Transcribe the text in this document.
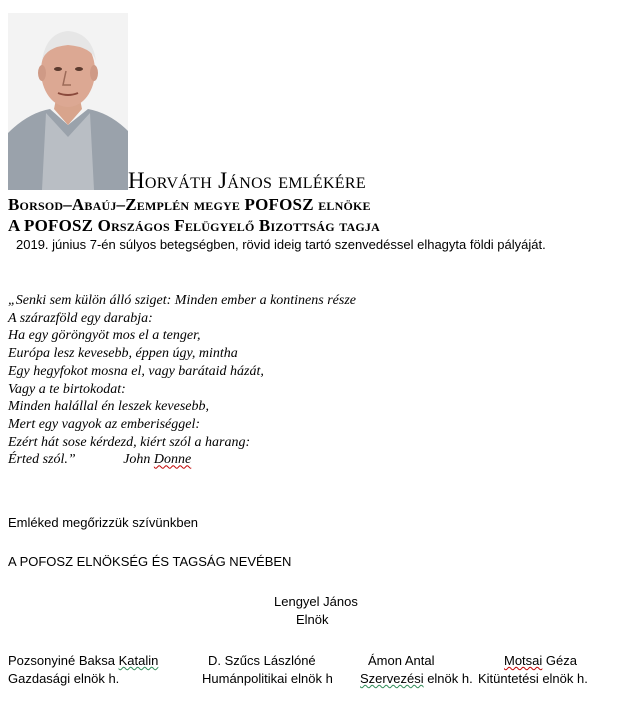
Horváth János emlékére
Borsod–Abaúj–Zemplén megye POFOSZ elnöke
A POFOSZ Országos Felügyelő Bizottság tagja
2019. június 7-én súlyos betegségben, rövid ideig tartó szenvedéssel elhagyta földi pályáját.
„Senki sem külön álló sziget: Minden ember a kontinens része
A szárazföld egy darabja:
Ha egy göröngyöt mos el a tenger,
Európa lesz kevesebb, éppen úgy, mintha
Egy hegyfokot mosna el, vagy barátaid házát,
Vagy a te birtokodat:
Minden halállal én leszek kevesebb,
Mert egy vagyok az emberiséggel:
Ezért hát sose kérdezd, kiért szól a harang:
Érted szól.”	John Donne
Emléked megőrizzük szívünkben
A POFOSZ ELNÖKSÉG ÉS TAGSÁG NEVÉBEN
Lengyel János
Elnök
Pozsonyiné Baksa Katalin
Gazdasági elnök h.
D. Szűcs Lászlóné
Humánpolitikai elnök h
Ámon Antal
Szervezési elnök h.
Motsai Géza
Kitüntetési elnök h.
